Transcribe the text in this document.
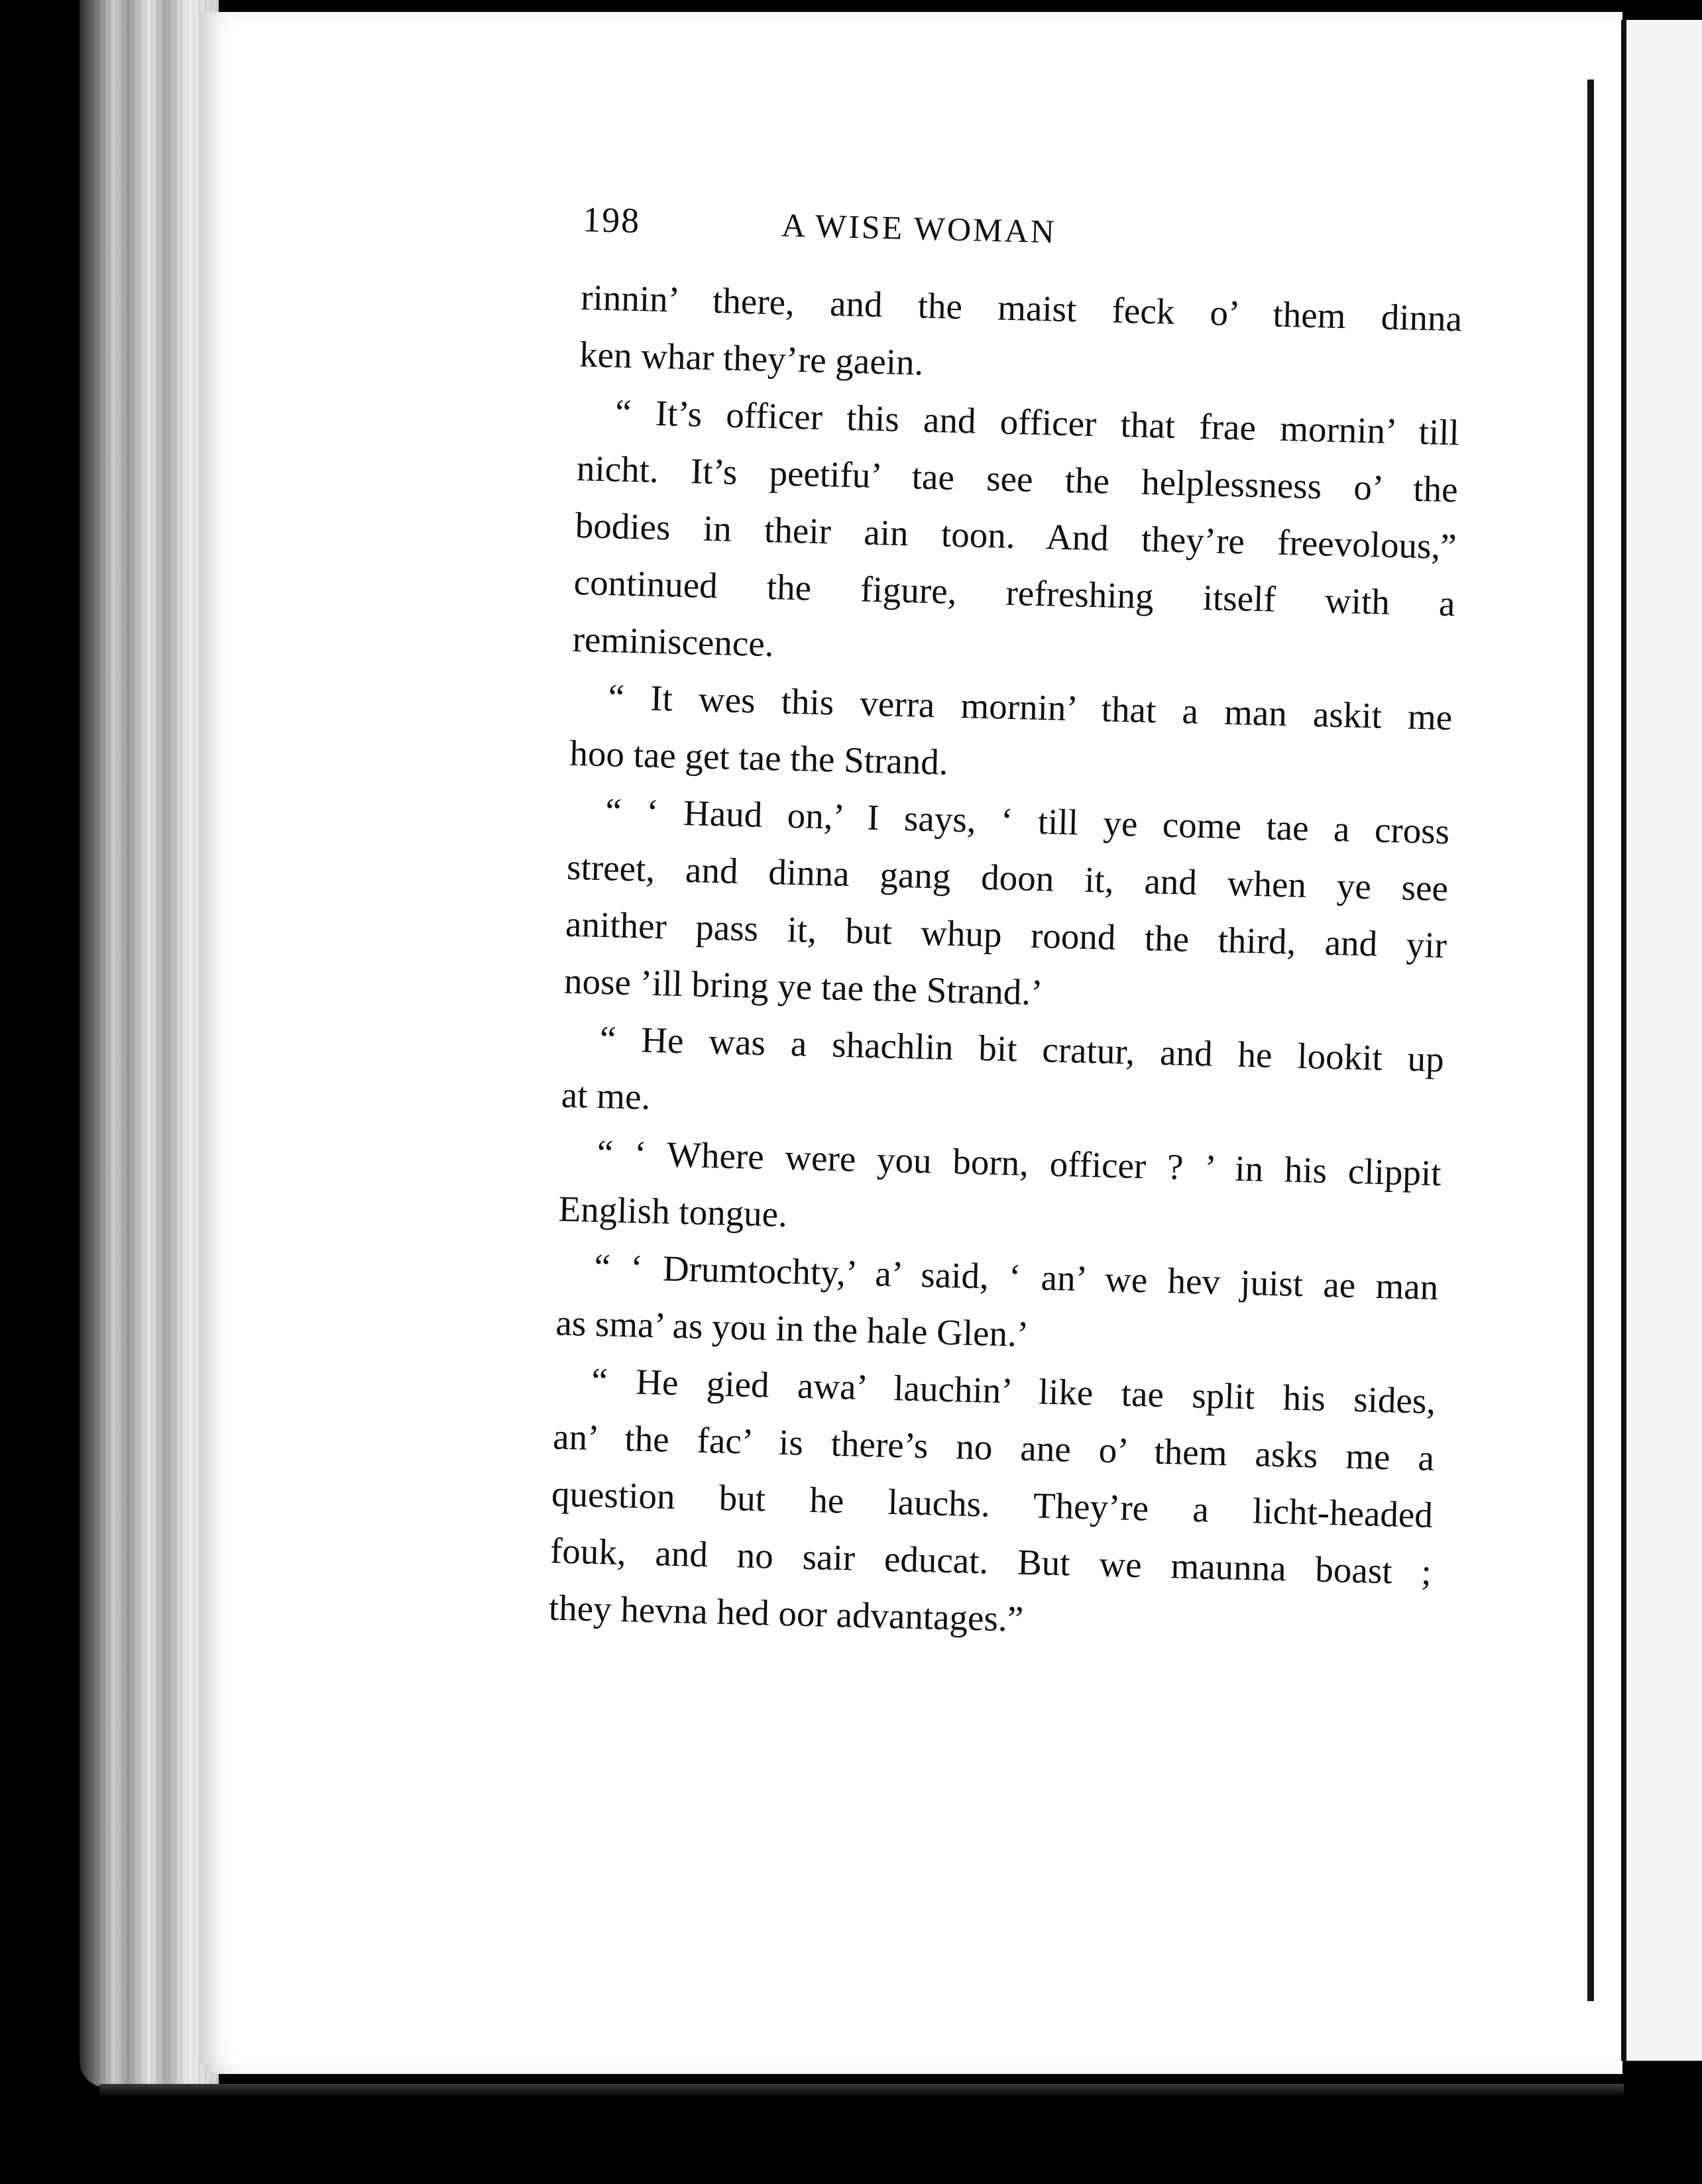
198	A WISE WOMAN
rinnin’ there, and the maist feck o’ them dinna
ken whar they’re gaein.
“ It’s officer this and officer that frae mornin’ till
nicht. It’s peetifu’ tae see the helplessness o’ the
bodies in their ain toon. And they’re freevolous,”
continued the figure, refreshing itself with a
reminiscence.
“ It wes this verra mornin’ that a man askit me
hoo tae get tae the Strand.
“ ‘ Haud on,’ I says, ‘ till ye come tae a cross
street, and dinna gang doon it, and when ye see
anither pass it, but whup roond the third, and yir
nose ’ill bring ye tae the Strand.’
“ He was a shachlin bit cratur, and he lookit up
at me.
“ ‘ Where were you born, officer ? ’ in his clippit
English tongue.
“ ‘ Drumtochty,’ a’ said, ‘ an’ we hev juist ae man
as sma’ as you in the hale Glen.’
“ He gied awa’ lauchin’ like tae split his sides,
an’ the fac’ is there’s no ane o’ them asks me a
question but he lauchs. They’re a licht-headed
fouk, and no sair educat. But we maunna boast ;
they hevna hed oor advantages.”
